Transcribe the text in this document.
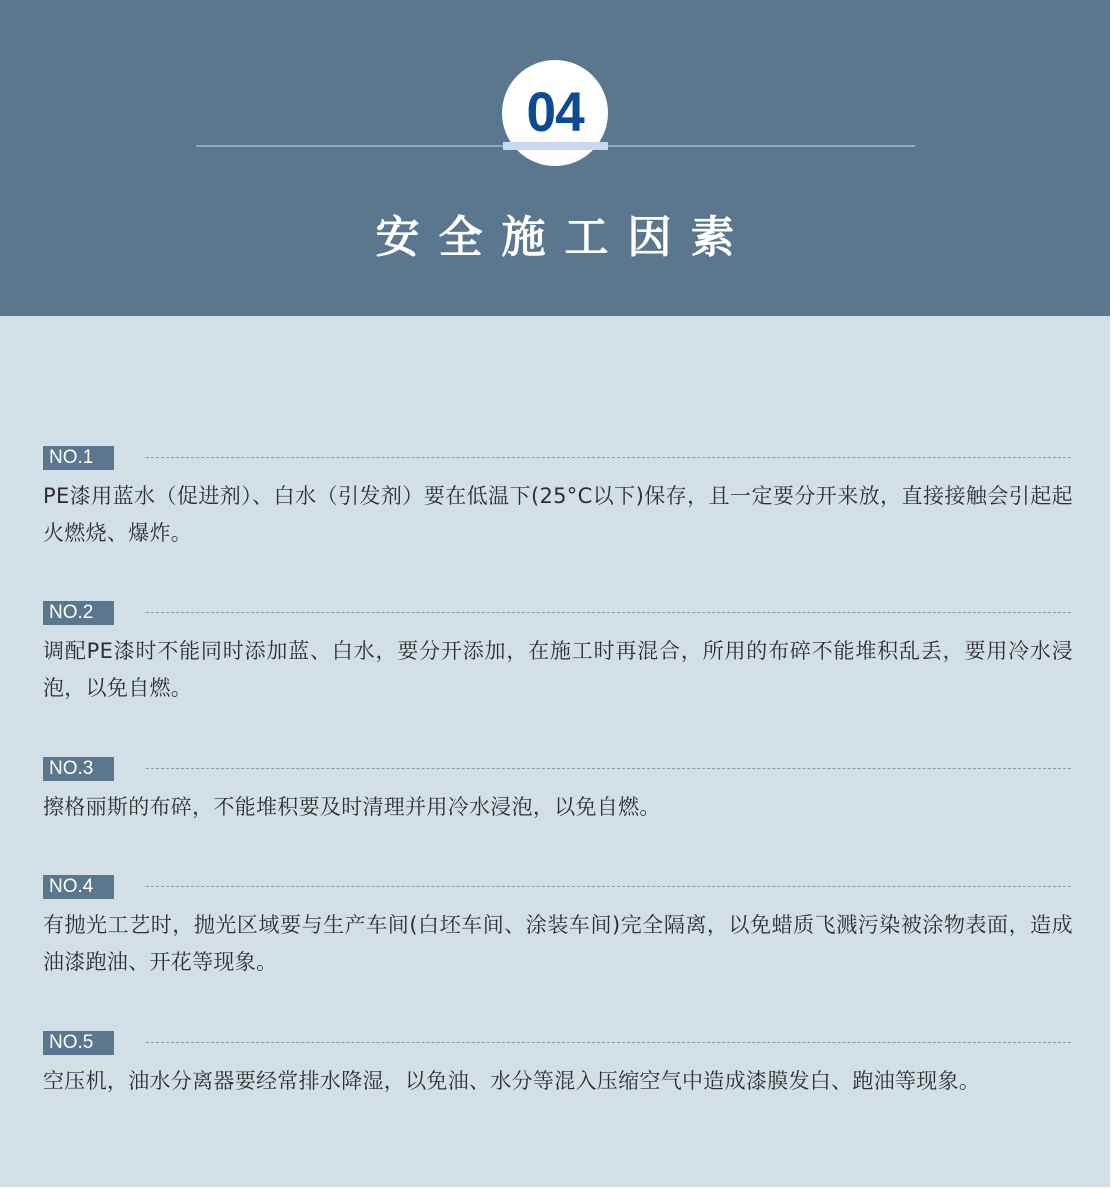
04
安全施工因素
NO.1
PE漆用蓝水（促进剂）、白水（引发剂）要在低温下(25°C以下)保存，且一定要分开来放，直接接触会引起起火燃烧、爆炸。
NO.2
调配PE漆时不能同时添加蓝、白水，要分开添加，在施工时再混合，所用的布碎不能堆积乱丢，要用冷水浸泡，以免自燃。
NO.3
擦格丽斯的布碎，不能堆积要及时清理并用冷水浸泡，以免自燃。
NO.4
有抛光工艺时，抛光区域要与生产车间(白坯车间、涂装车间)完全隔离，以免蜡质飞溅污染被涂物表面，造成油漆跑油、开花等现象。
NO.5
空压机，油水分离器要经常排水降湿，以免油、水分等混入压缩空气中造成漆膜发白、跑油等现象。
